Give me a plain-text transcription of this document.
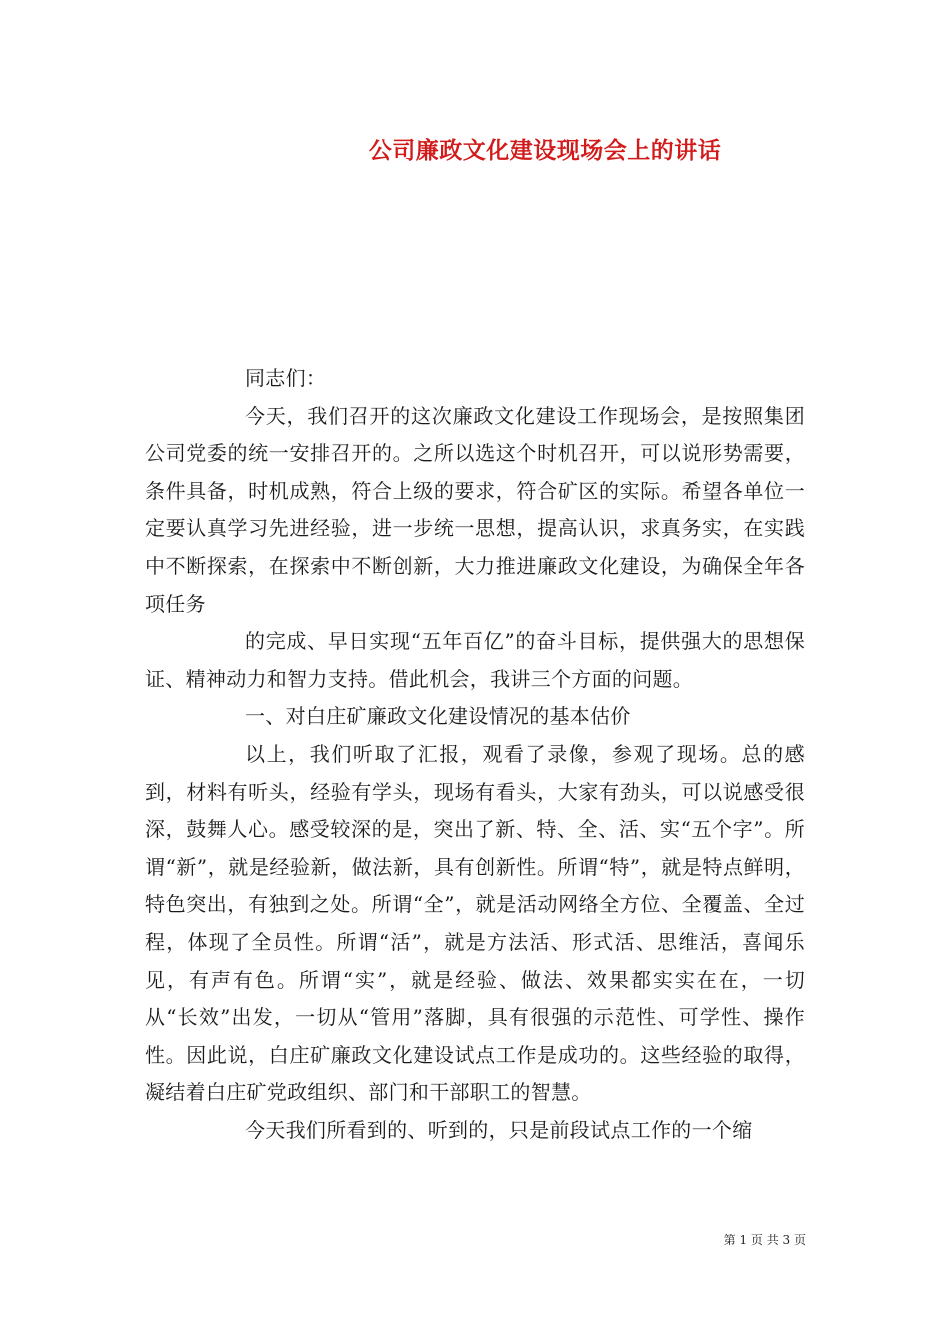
公司廉政文化建设现场会上的讲话

同志们：

今天，我们召开的这次廉政文化建设工作现场会，是按照集团公司党委的统一安排召开的。之所以选这个时机召开，可以说形势需要，条件具备，时机成熟，符合上级的要求，符合矿区的实际。希望各单位一定要认真学习先进经验，进一步统一思想，提高认识，求真务实，在实践中不断探索，在探索中不断创新，大力推进廉政文化建设，为确保全年各项任务

的完成、早日实现“五年百亿”的奋斗目标，提供强大的思想保证、精神动力和智力支持。借此机会，我讲三个方面的问题。

一、对白庄矿廉政文化建设情况的基本估价

以上，我们听取了汇报，观看了录像，参观了现场。总的感到，材料有听头，经验有学头，现场有看头，大家有劲头，可以说感受很深，鼓舞人心。感受较深的是，突出了新、特、全、活、实“五个字”。所谓“新”，就是经验新，做法新，具有创新性。所谓“特”，就是特点鲜明，特色突出，有独到之处。所谓“全”，就是活动网络全方位、全覆盖、全过程，体现了全员性。所谓“活”，就是方法活、形式活、思维活，喜闻乐见，有声有色。所谓“实”，就是经验、做法、效果都实实在在，一切从“长效”出发，一切从“管用”落脚，具有很强的示范性、可学性、操作性。因此说，白庄矿廉政文化建设试点工作是成功的。这些经验的取得，凝结着白庄矿党政组织、部门和干部职工的智慧。

今天我们所看到的、听到的，只是前段试点工作的一个缩

第 1 页 共 3 页
